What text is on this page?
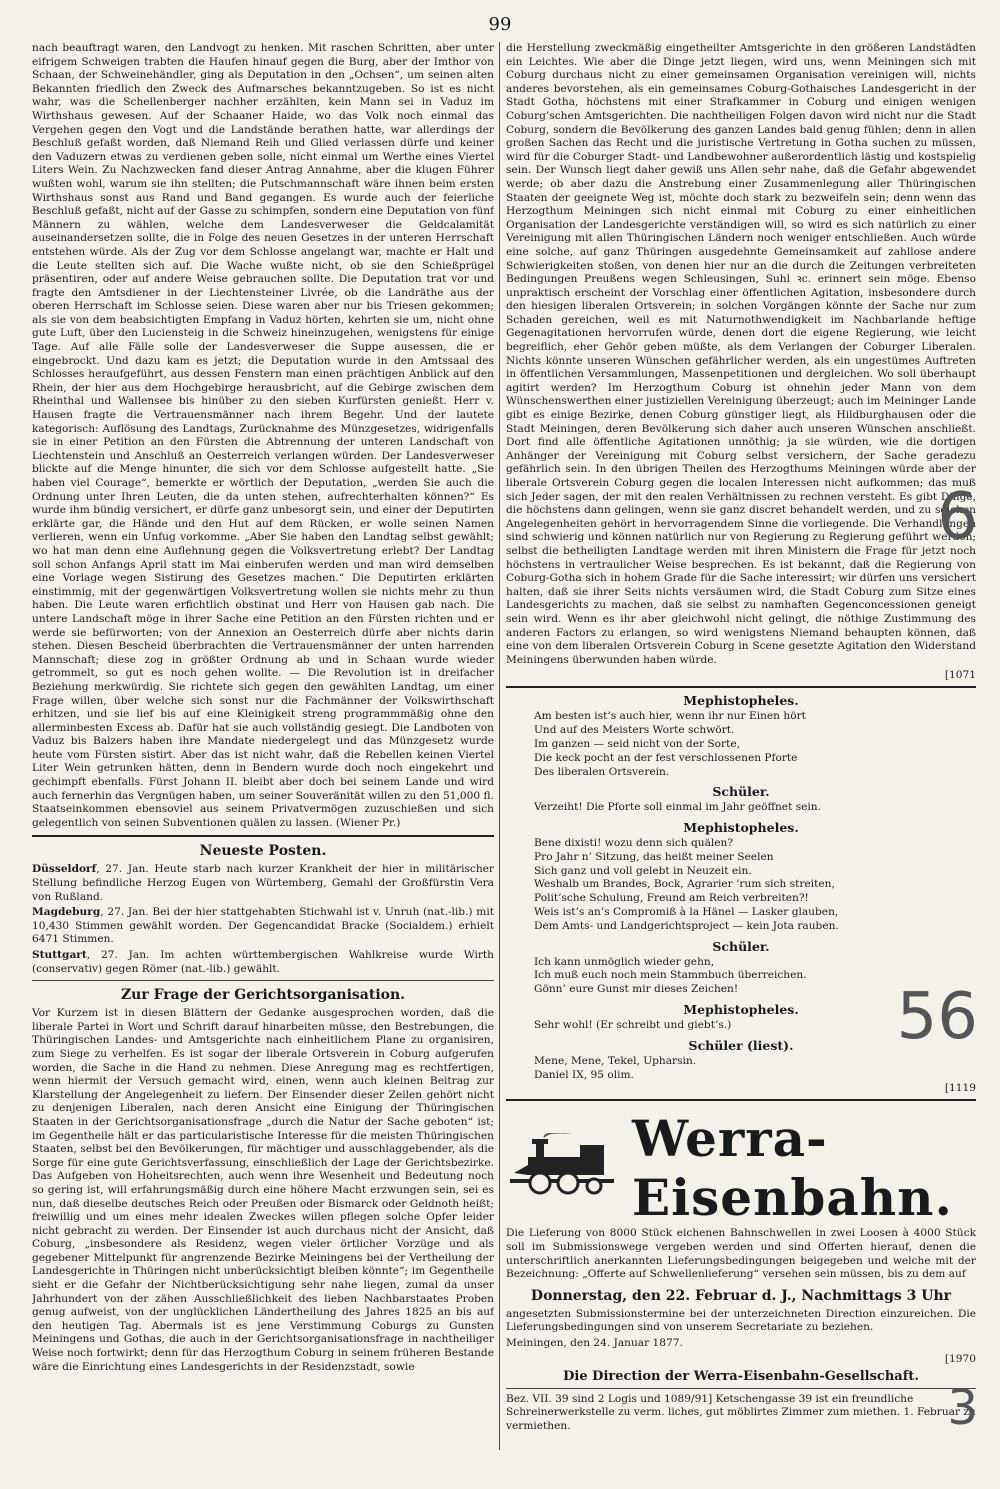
99

nach beauftragt waren, den Landvogt zu henken. Mit raschen Schritten, aber unter eifrigem Schweigen trabten die Haufen hinauf gegen die Burg, aber der Imthor von Schaan, der Schweinehändler, ging als Deputation in den „Ochsen“, um seinen alten Bekannten friedlich den Zweck des Aufmarsches bekanntzugeben. So ist es nicht wahr, was die Schellenberger nachher erzählten, kein Mann sei in Vaduz im Wirthshaus gewesen. Auf der Schaaner Haide, wo das Volk noch einmal das Vergehen gegen den Vogt und die Landstände berathen hatte, war allerdings der Beschluß gefaßt worden, daß Niemand Reih und Glied verlassen dürfe und keiner den Vaduzern etwas zu verdienen geben solle, nicht einmal um Werthe eines Viertel Liters Wein. Zu Nachzwecken fand dieser Antrag Annahme, aber die klugen Führer wußten wohl, warum sie ihn stellten; die Putschmannschaft wäre ihnen beim ersten Wirthshaus sonst aus Rand und Band gegangen. Es wurde auch der feierliche Beschluß gefaßt, nicht auf der Gasse zu schimpfen, sondern eine Deputation von fünf Männern zu wählen, welche dem Landesverweser die Geldcalamität auseinandersetzen sollte, die in Folge des neuen Gesetzes in der unteren Herrschaft entstehen würde. Als der Zug vor dem Schlosse angelangt war, machte er Halt und die Leute stellten sich auf. Die Wache wußte nicht, ob sie den Schießprügel präsentiren, oder auf andere Weise gebrauchen sollte. Die Deputation trat vor und fragte den Amtsdiener in der Liechtensteiner Livrée, ob die Landräthe aus der oberen Herrschaft im Schlosse seien. Diese waren aber nur bis Triesen gekommen; als sie von dem beabsichtigten Empfang in Vaduz hörten, kehrten sie um, nicht ohne gute Luft, über den Luciensteig in die Schweiz hineinzugehen, wenigstens für einige Tage. Auf alle Fälle solle der Landesverweser die Suppe ausessen, die er eingebrockt. Und dazu kam es jetzt; die Deputation wurde in den Amtssaal des Schlosses heraufgeführt, aus dessen Fenstern man einen prächtigen Anblick auf den Rhein, der hier aus dem Hochgebirge herausbricht, auf die Gebirge zwischen dem Rheinthal und Wallensee bis hinüber zu den sieben Kurfürsten genießt. Herr v. Hausen fragte die Vertrauensmänner nach ihrem Begehr. Und der lautete kategorisch: Auflösung des Landtags, Zurücknahme des Münzgesetzes, widrigenfalls sie in einer Petition an den Fürsten die Abtrennung der unteren Landschaft von Liechtenstein und Anschluß an Oesterreich verlangen würden. Der Landesverweser blickte auf die Menge hinunter, die sich vor dem Schlosse aufgestellt hatte. „Sie haben viel Courage“, bemerkte er wörtlich der Deputation, „werden Sie auch die Ordnung unter Ihren Leuten, die da unten stehen, aufrechterhalten können?“ Es wurde ihm bündig versichert, er dürfe ganz unbesorgt sein, und einer der Deputirten erklärte gar, die Hände und den Hut auf dem Rücken, er wolle seinen Namen verlieren, wenn ein Unfug vorkomme. „Aber Sie haben den Landtag selbst gewählt; wo hat man denn eine Auflehnung gegen die Volksvertretung erlebt? Der Landtag soll schon Anfangs April statt im Mai einberufen werden und man wird demselben eine Vorlage wegen Sistirung des Gesetzes machen.“ Die Deputirten erklärten einstimmig, mit der gegenwärtigen Volksvertretung wollen sie nichts mehr zu thun haben. Die Leute waren erfichtlich obstinat und Herr von Hausen gab nach. Die untere Landschaft möge in ihrer Sache eine Petition an den Fürsten richten und er werde sie befürworten; von der Annexion an Oesterreich dürfe aber nichts darin stehen. Diesen Bescheid überbrachten die Vertrauensmänner der unten harrenden Mannschaft; diese zog in größter Ordnung ab und in Schaan wurde wieder getrommelt, so gut es noch gehen wollte. — Die Revolution ist in dreifacher Beziehung merkwürdig. Sie richtete sich gegen den gewählten Landtag, um einer Frage willen, über welche sich sonst nur die Fachmänner der Volkswirthschaft erhitzen, und sie lief bis auf eine Kleinigkeit streng programmmäßig ohne den allerminbesten Excess ab. Dafür hat sie auch vollständig gesiegt. Die Landboten von Vaduz bis Balzers haben ihre Mandate niedergelegt und das Münzgesetz wurde heute vom Fürsten sistirt. Aber das ist nicht wahr, daß die Rebellen keinen Viertel Liter Wein getrunken hätten, denn in Bendern wurde doch noch eingekehrt und gechimpft ebenfalls. Fürst Johann II. bleibt aber doch bei seinem Lande und wird auch fernerhin das Vergnügen haben, um seiner Souveränität willen zu den 51,000 fl. Staatseinkommen ebensoviel aus seinem Privatvermögen zuzuschießen und sich gelegentlich von seinen Subventionen quälen zu lassen. (Wiener Pr.)

Neueste Posten.
Düsseldorf, 27. Jan. Heute starb nach kurzer Krankheit der hier in militärischer Stellung befindliche Herzog Eugen von Würtemberg, Gemahl der Großfürstin Vera von Rußland.
Magdeburg, 27. Jan. Bei der hier stattgehabten Stichwahl ist v. Unruh (nat.-lib.) mit 10,430 Stimmen gewählt worden. Der Gegencandidat Bracke (Socialdem.) erhielt 6471 Stimmen.
Stuttgart, 27. Jan. Im achten württembergischen Wahlkreise wurde Wirth (conservativ) gegen Römer (nat.-lib.) gewählt.
Zur Frage der Gerichtsorganisation.

Vor Kurzem ist in diesen Blättern der Gedanke ausgesprochen worden, daß die liberale Partei in Wort und Schrift darauf hinarbeiten müsse, den Bestrebungen, die Thüringischen Landes- und Amtsgerichte nach einheitlichem Plane zu organisiren, zum Siege zu verhelfen. Es ist sogar der liberale Ortsverein in Coburg aufgerufen worden, die Sache in die Hand zu nehmen. Diese Anregung mag es rechtfertigen, wenn hiermit der Versuch gemacht wird, einen, wenn auch kleinen Beitrag zur Klarstellung der Angelegenheit zu liefern. Der Einsender dieser Zeilen gehört nicht zu denjenigen Liberalen, nach deren Ansicht eine Einigung der Thüringischen Staaten in der Gerichtsorganisationsfrage „durch die Natur der Sache geboten“ ist; im Gegentheile hält er das particularistische Interesse für die meisten Thüringischen Staaten, selbst bei den Bevölkerungen, für mächtiger und ausschlaggebender, als die Sorge für eine gute Gerichtsverfassung, einschließlich der Lage der Gerichtsbezirke. Das Aufgeben von Hoheitsrechten, auch wenn ihre Wesenheit und Bedeutung noch so gering ist, will erfahrungsmäßig durch eine höhere Macht erzwungen sein, sei es nun, daß dieselbe deutsches Reich oder Preußen oder Bismarck oder Geldnoth heißt; freiwillig und um eines mehr idealen Zweckes willen pflegen solche Opfer leider nicht gebracht zu werden. Der Einsender ist auch durchaus nicht der Ansicht, daß Coburg, „insbesondere als Residenz, wegen vieler örtlicher Vorzüge und als gegebener Mittelpunkt für angrenzende Bezirke Meiningens bei der Vertheilung der Landesgerichte in Thüringen nicht unberücksichtigt bleiben könnte“; im Gegentheile sieht er die Gefahr der Nichtberücksichtigung sehr nahe liegen, zumal da unser Jahrhundert von der zähen Ausschließlichkeit des lieben Nachbarstaates Proben genug aufweist, von der unglücklichen Ländertheilung des Jahres 1825 an bis auf den heutigen Tag. Abermals ist es jene Verstimmung Coburgs zu Gunsten Meiningens und Gothas, die auch in der Gerichtsorganisationsfrage in nachtheiliger Weise noch fortwirkt; denn für das Herzogthum Coburg in seinem früheren Bestande wäre die Einrichtung eines Landesgerichts in der Residenzstadt, sowie

die Herstellung zweckmäßig eingetheilter Amtsgerichte in den größeren Landstädten ein Leichtes. Wie aber die Dinge jetzt liegen, wird uns, wenn Meiningen sich mit Coburg durchaus nicht zu einer gemeinsamen Organisation vereinigen will, nichts anderes bevorstehen, als ein gemeinsames Coburg-Gothaisches Landesgericht in der Stadt Gotha, höchstens mit einer Strafkammer in Coburg und einigen wenigen Coburg’schen Amtsgerichten. Die nachtheiligen Folgen davon wird nicht nur die Stadt Coburg, sondern die Bevölkerung des ganzen Landes bald genug fühlen; denn in allen großen Sachen das Recht und die juristische Vertretung in Gotha suchen zu müssen, wird für die Coburger Stadt- und Landbewohner außerordentlich lästig und kostspielig sein. Der Wunsch liegt daher gewiß uns Allen sehr nahe, daß die Gefahr abgewendet werde; ob aber dazu die Anstrebung einer Zusammenlegung aller Thüringischen Staaten der geeignete Weg ist, möchte doch stark zu bezweifeln sein; denn wenn das Herzogthum Meiningen sich nicht einmal mit Coburg zu einer einheitlichen Organisation der Landesgerichte verständigen will, so wird es sich natürlich zu einer Vereinigung mit allen Thüringischen Ländern noch weniger entschließen. Auch würde eine solche, auf ganz Thüringen ausgedehnte Gemeinsamkeit auf zahllose andere Schwierigkeiten stoßen, von denen hier nur an die durch die Zeitungen verbreiteten Bedingungen Preußens wegen Schleusingen, Suhl ꝛc. erinnert sein möge. Ebenso unpraktisch erscheint der Vorschlag einer öffentlichen Agitation, insbesondere durch den hiesigen liberalen Ortsverein; in solchen Vorgängen könnte der Sache nur zum Schaden gereichen, weil es mit Naturnothwendigkeit im Nachbarlande heftige Gegenagitationen hervorrufen würde, denen dort die eigene Regierung, wie leicht begreiflich, eher Gehör geben müßte, als dem Verlangen der Coburger Liberalen. Nichts könnte unseren Wünschen gefährlicher werden, als ein ungestümes Auftreten in öffentlichen Versammlungen, Massenpetitionen und dergleichen. Wo soll überhaupt agitirt werden? Im Herzogthum Coburg ist ohnehin jeder Mann von dem Wünschenswerthen einer justiziellen Vereinigung überzeugt; auch im Meininger Lande gibt es einige Bezirke, denen Coburg günstiger liegt, als Hildburghausen oder die Stadt Meiningen, deren Bevölkerung sich daher auch unseren Wünschen anschließt. Dort find alle öffentliche Agitationen unnöthig; ja sie würden, wie die dortigen Anhänger der Vereinigung mit Coburg selbst versichern, der Sache geradezu gefährlich sein. In den übrigen Theilen des Herzogthums Meiningen würde aber der liberale Ortsverein Coburg gegen die localen Interessen nicht aufkommen; das muß sich Jeder sagen, der mit den realen Verhältnissen zu rechnen versteht. Es gibt Dinge, die höchstens dann gelingen, wenn sie ganz discret behandelt werden, und zu solchen Angelegenheiten gehört in hervorragendem Sinne die vorliegende. Die Verhandlungen sind schwierig und können natürlich nur von Regierung zu Regierung geführt werden; selbst die betheiligten Landtage werden mit ihren Ministern die Frage für jetzt noch höchstens in vertraulicher Weise besprechen. Es ist bekannt, daß die Regierung von Coburg-Gotha sich in hohem Grade für die Sache interessirt; wir dürfen uns versichert halten, daß sie ihrer Seits nichts versäumen wird, die Stadt Coburg zum Sitze eines Landesgerichts zu machen, daß sie selbst zu namhaften Gegenconcessionen geneigt sein wird. Wenn es ihr aber gleichwohl nicht gelingt, die nöthige Zustimmung des anderen Factors zu erlangen, so wird wenigstens Niemand behaupten können, daß eine von dem liberalen Ortsverein Coburg in Scene gesetzte Agitation den Widerstand Meiningens überwunden haben würde.

[1071
Mephistopheles.
Am besten ist’s auch hier, wenn ihr nur Einen hört
Und auf des Meisters Worte schwört.
Im ganzen — seid nicht von der Sorte,
Die keck pocht an der fest verschlossenen Pforte
Des liberalen Ortsverein.
Schüler.
Verzeiht! Die Pforte soll einmal im Jahr geöffnet sein.
Mephistopheles.
Bene dixisti! wozu denn sich quälen?
Pro Jahr n’ Sitzung, das heißt meiner Seelen
Sich ganz und voll gelebt in Neuzeit ein.
Weshalb um Brandes, Bock, Agrarier ’rum sich streiten,
Polit’sche Schulung, Freund am Reich verbreiten?!
Weis ist’s an’s Compromiß à la Hänel — Lasker glauben,
Dem Amts- und Landgerichtsproject — kein Jota rauben.
Schüler.
Ich kann unmöglich wieder gehn,
Ich muß euch noch mein Stammbuch überreichen.
Gönn’ eure Gunst mir dieses Zeichen!
Mephistopheles.
Sehr wohl! (Er schreibt und giebt’s.)
Schüler (liest).
Mene, Mene, Tekel, Upharsin.
Daniel IX, 95 olim.
[1119
Werra-Eisenbahn.

Die Lieferung von 8000 Stück eichenen Bahnschwellen in zwei Loosen à 4000 Stück soll im Submissionswege vergeben werden und sind Offerten hierauf, denen die unterschriftlich anerkannten Lieferungsbedingungen beigegeben und welche mit der Bezeichnung: „Offerte auf Schwellenlieferung“ versehen sein müssen, bis zu dem auf

Donnerstag, den 22. Februar d. J., Nachmittags 3 Uhr

angesetzten Submissionstermine bei der unterzeichneten Direction einzureichen. Die Lieferungsbedingungen sind von unserem Secretariate zu beziehen.

Meiningen, den 24. Januar 1877.

[1970
Die Direction der Werra-Eisenbahn-Gesellschaft.
Bez. VII. 39 sind 2 Logis und 1089/91] Ketschengasse 39 ist ein freundliche Schreinerwerkstelle zu verm. liches, gut möblirtes Zimmer zum miethen. 1. Februar zu vermiethen.
6
56
3
